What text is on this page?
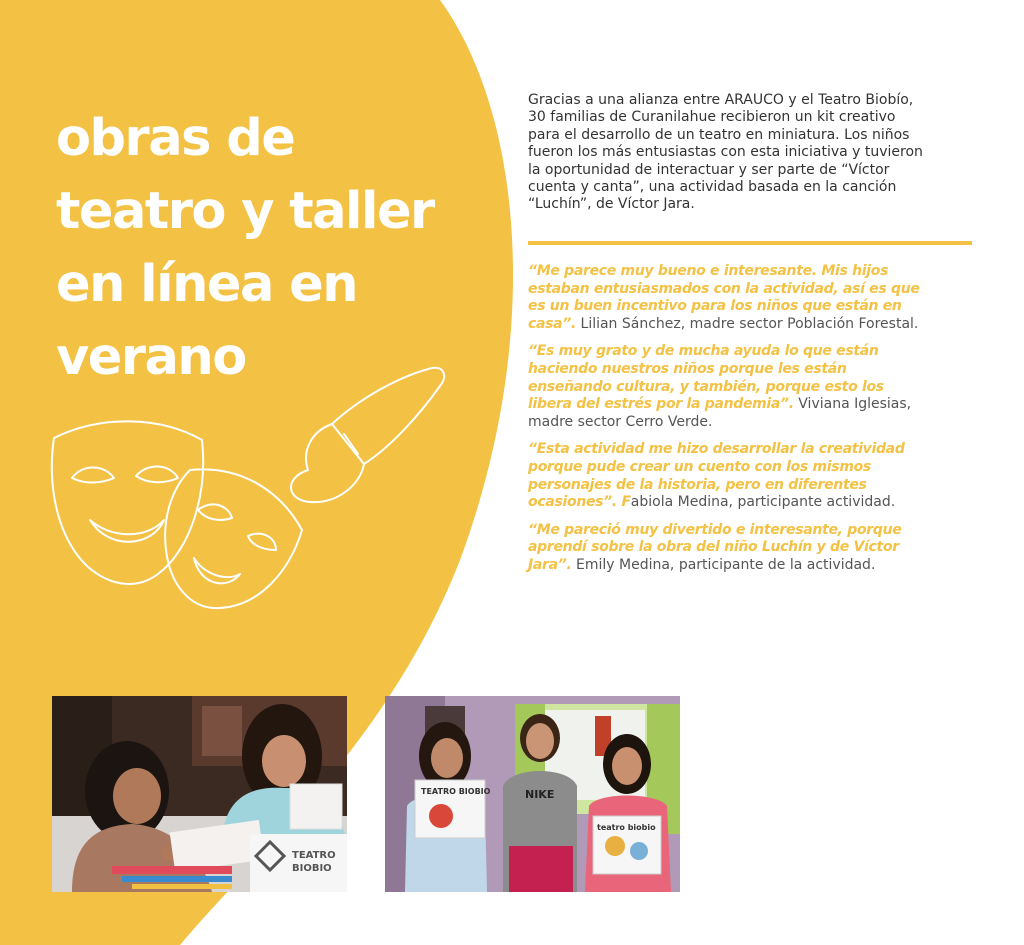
obras de
teatro y taller
en línea en
verano

Gracias a una alianza entre ARAUCO y el Teatro Biobío,
30 familias de Curanilahue recibieron un kit creativo
para el desarrollo de un teatro en miniatura. Los niños
fueron los más entusiastas con esta iniciativa y tuvieron
la oportunidad de interactuar y ser parte de “Víctor
cuenta y canta”, una actividad basada en la canción
“Luchín”, de Víctor Jara.

“Me parece muy bueno e interesante. Mis hijos
estaban entusiasmados con la actividad, así es que
es un buen incentivo para los niños que están en
casa”. Lilian Sánchez, madre sector Población Forestal.
“Es muy grato y de mucha ayuda lo que están
haciendo nuestros niños porque les están
enseñando cultura, y también, porque esto los
libera del estrés por la pandemia”. Viviana Iglesias,
madre sector Cerro Verde.
“Esta actividad me hizo desarrollar la creatividad
porque pude crear un cuento con los mismos
personajes de la historia, pero en diferentes
ocasiones”. Fabiola Medina, participante actividad.
“Me pareció muy divertido e interesante, porque
aprendí sobre la obra del niño Luchín y de Víctor
Jara”. Emily Medina, participante de la actividad.
TEATRO
BIOBIO
TEATRO BIOBIO	NIKE
teatro biobio
